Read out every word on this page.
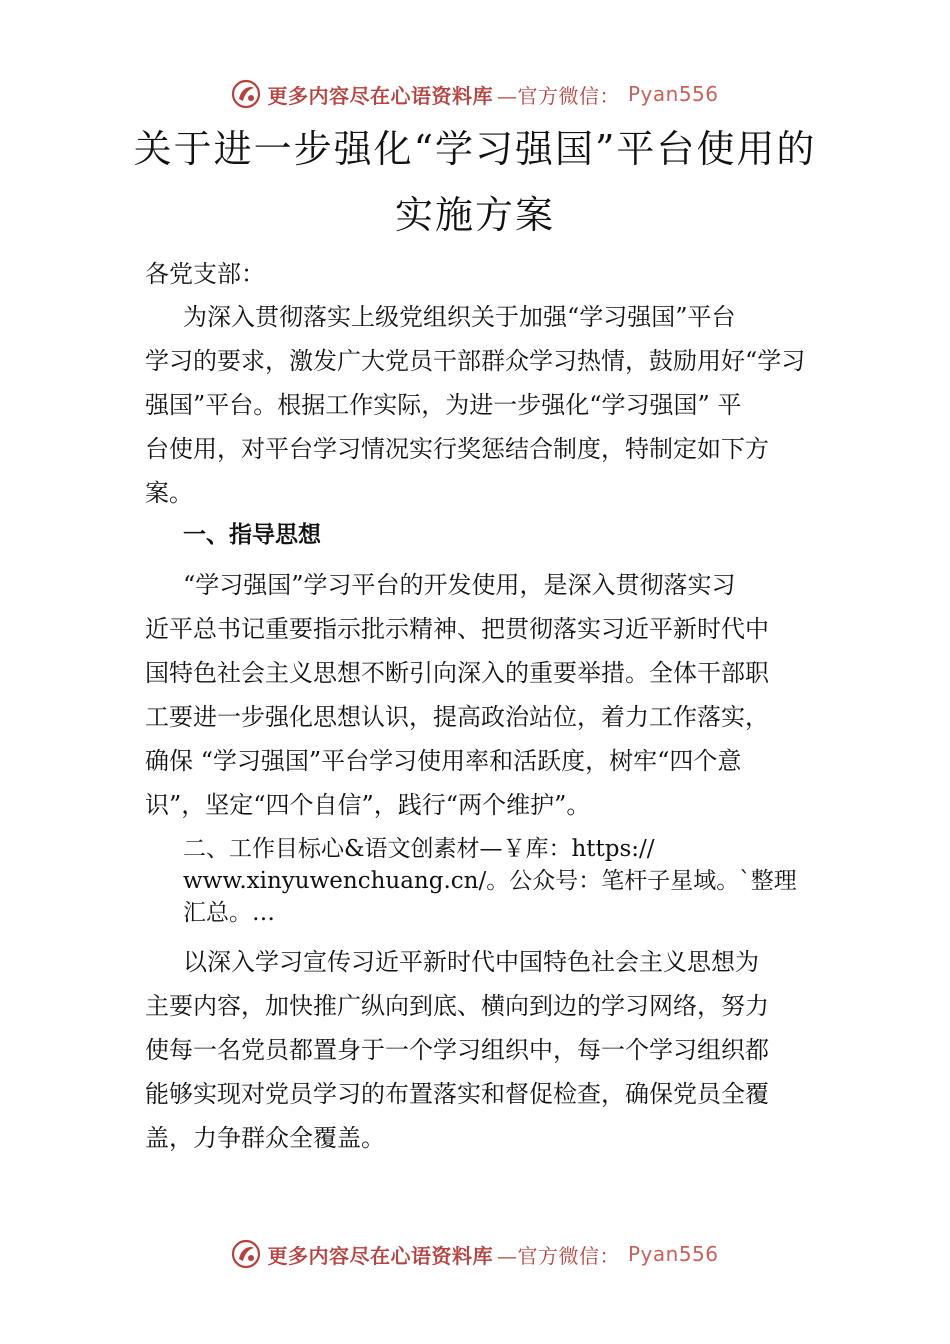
更多内容尽在心语资料库 —官方微信： Pyan556
关于进一步强化“学习强国”平台使用的
实施方案
各党支部：
为深入贯彻落实上级党组织关于加强“学习强国”平台
学习的要求，激发广大党员干部群众学习热情，鼓励用好“学习
强国”平台。根据工作实际，为进一步强化“学习强国” 平
台使用，对平台学习情况实行奖惩结合制度，特制定如下方
案。
一、指导思想
“学习强国”学习平台的开发使用，是深入贯彻落实习
近平总书记重要指示批示精神、把贯彻落实习近平新时代中
国特色社会主义思想不断引向深入的重要举措。全体干部职
工要进一步强化思想认识，提高政治站位，着力工作落实，
确保 “学习强国”平台学习使用率和活跃度，树牢“四个意
识”，坚定“四个自信”，践行“两个维护”。
二、工作目标心&语文创素材—￥库：https://
www.xinyuwenchuang.cn/。公众号：笔杆子星域。`整理
汇总。…
以深入学习宣传习近平新时代中国特色社会主义思想为
主要内容，加快推广纵向到底、横向到边的学习网络，努力
使每一名党员都置身于一个学习组织中，每一个学习组织都
能够实现对党员学习的布置落实和督促检查，确保党员全覆
盖，力争群众全覆盖。
更多内容尽在心语资料库 —官方微信： Pyan556
